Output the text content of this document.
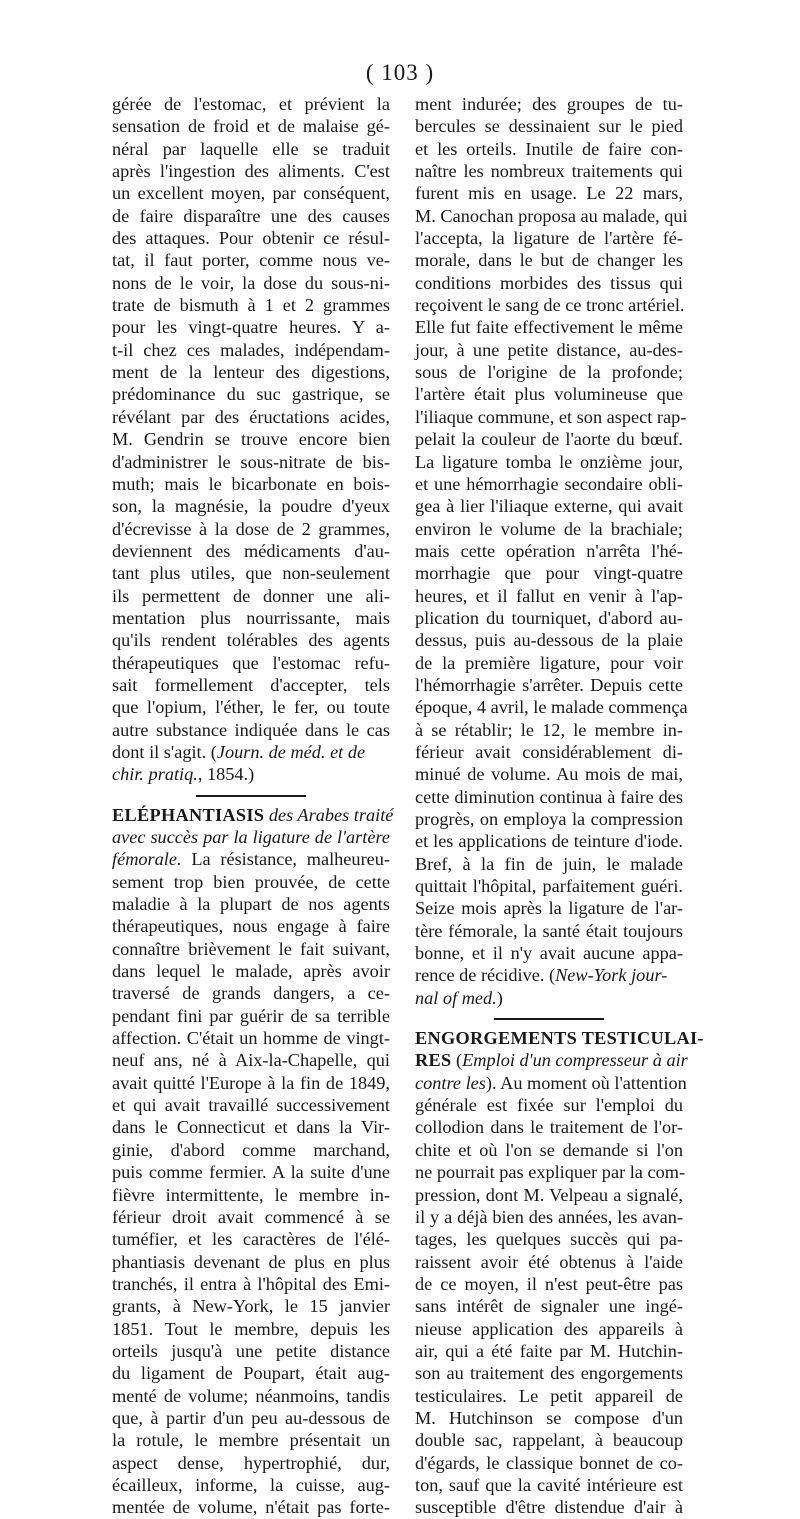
( 103 )

gérée de l'estomac, et prévient la
sensation de froid et de malaise gé-
néral par laquelle elle se traduit
après l'ingestion des aliments. C'est
un excellent moyen, par conséquent,
de faire disparaître une des causes
des attaques. Pour obtenir ce résul-
tat, il faut porter, comme nous ve-
nons de le voir, la dose du sous-ni-
trate de bismuth à 1 et 2 grammes
pour les vingt-quatre heures. Y a-
t-il chez ces malades, indépendam-
ment de la lenteur des digestions,
prédominance du suc gastrique, se
révélant par des éructations acides,
M. Gendrin se trouve encore bien
d'administrer le sous-nitrate de bis-
muth; mais le bicarbonate en bois-
son, la magnésie, la poudre d'yeux
d'écrevisse à la dose de 2 grammes,
deviennent des médicaments d'au-
tant plus utiles, que non-seulement
ils permettent de donner une ali-
mentation plus nourrissante, mais
qu'ils rendent tolérables des agents
thérapeutiques que l'estomac refu-
sait formellement d'accepter, tels
que l'opium, l'éther, le fer, ou toute
autre substance indiquée dans le cas

dont il s'agit. (Journ. de méd. et de
chir. pratiq., 1854.)
ELÉPHANTIASIS des Arabes traité
avec succès par la ligature de l'artère
fémorale. La résistance, malheureu-

sement trop bien prouvée, de cette
maladie à la plupart de nos agents
thérapeutiques, nous engage à faire
connaître brièvement le fait suivant,
dans lequel le malade, après avoir
traversé de grands dangers, a ce-
pendant fini par guérir de sa terrible
affection. C'était un homme de vingt-
neuf ans, né à Aix-la-Chapelle, qui
avait quitté l'Europe à la fin de 1849,
et qui avait travaillé successivement
dans le Connecticut et dans la Vir-
ginie, d'abord comme marchand,
puis comme fermier. A la suite d'une
fièvre intermittente, le membre in-
férieur droit avait commencé à se
tuméfier, et les caractères de l'élé-
phantiasis devenant de plus en plus
tranchés, il entra à l'hôpital des Emi-
grants, à New-York, le 15 janvier
1851. Tout le membre, depuis les
orteils jusqu'à une petite distance
du ligament de Poupart, était aug-
menté de volume; néanmoins, tandis
que, à partir d'un peu au-dessous de
la rotule, le membre présentait un
aspect dense, hypertrophié, dur,
écailleux, informe, la cuisse, aug-
mentée de volume, n'était pas forte-

ment indurée; des groupes de tu-
bercules se dessinaient sur le pied
et les orteils. Inutile de faire con-
naître les nombreux traitements qui
furent mis en usage. Le 22 mars,
M. Canochan proposa au malade, qui
l'accepta, la ligature de l'artère fé-
morale, dans le but de changer les
conditions morbides des tissus qui
reçoivent le sang de ce tronc artériel.
Elle fut faite effectivement le même
jour, à une petite distance, au-des-
sous de l'origine de la profonde;
l'artère était plus volumineuse que
l'iliaque commune, et son aspect rap-
pelait la couleur de l'aorte du bœuf.
La ligature tomba le onzième jour,
et une hémorrhagie secondaire obli-
gea à lier l'iliaque externe, qui avait
environ le volume de la brachiale;
mais cette opération n'arrêta l'hé-
morrhagie que pour vingt-quatre
heures, et il fallut en venir à l'ap-
plication du tourniquet, d'abord au-
dessus, puis au-dessous de la plaie
de la première ligature, pour voir
l'hémorrhagie s'arrêter. Depuis cette
époque, 4 avril, le malade commença
à se rétablir; le 12, le membre in-
férieur avait considérablement di-
minué de volume. Au mois de mai,
cette diminution continua à faire des
progrès, on employa la compression
et les applications de teinture d'iode.
Bref, à la fin de juin, le malade
quittait l'hôpital, parfaitement guéri.
Seize mois après la ligature de l'ar-
tère fémorale, la santé était toujours
bonne, et il n'y avait aucune appa-

rence de récidive. (New-York jour-
nal of med.)
ENGORGEMENTS TESTICULAI-
RES (Emploi d'un compresseur à air
contre les). Au moment où l'attention

générale est fixée sur l'emploi du
collodion dans le traitement de l'or-
chite et où l'on se demande si l'on
ne pourrait pas expliquer par la com-
pression, dont M. Velpeau a signalé,
il y a déjà bien des années, les avan-
tages, les quelques succès qui pa-
raissent avoir été obtenus à l'aide
de ce moyen, il n'est peut-être pas
sans intérêt de signaler une ingé-
nieuse application des appareils à
air, qui a été faite par M. Hutchin-
son au traitement des engorgements
testiculaires. Le petit appareil de
M. Hutchinson se compose d'un
double sac, rappelant, à beaucoup
d'égards, le classique bonnet de co-
ton, sauf que la cavité intérieure est
susceptible d'être distendue d'air à
